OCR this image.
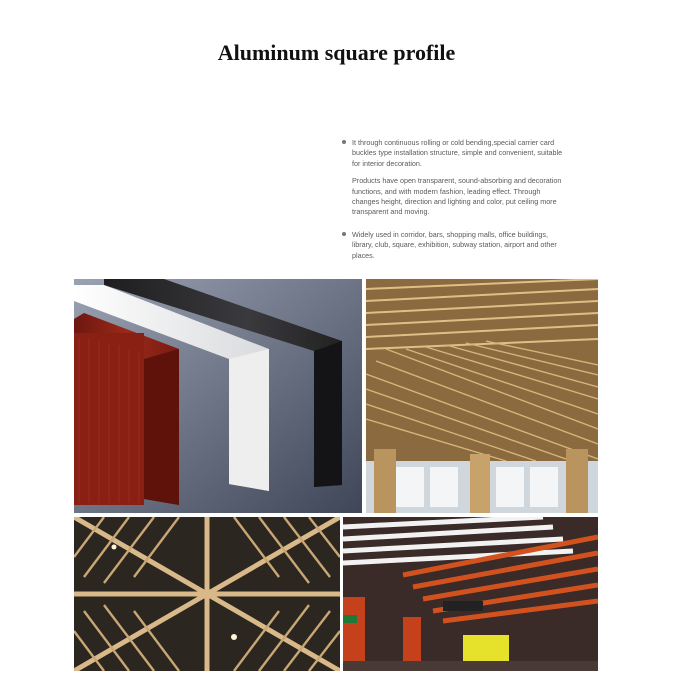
Aluminum square profile
It through continuous rolling or cold bending,special carrier card buckles type installation structure, simple and convenient, suitable for interior decoration.
Products have open transparent, sound-absorbing and decoration functions, and with modern fashion, leading effect. Through changes height, direction and lighting and color, put ceiling more transparent and moving.
Widely used in corridor, bars, shopping malls, office buildings, library, club, square, exhibition, subway station, airport and other places.
